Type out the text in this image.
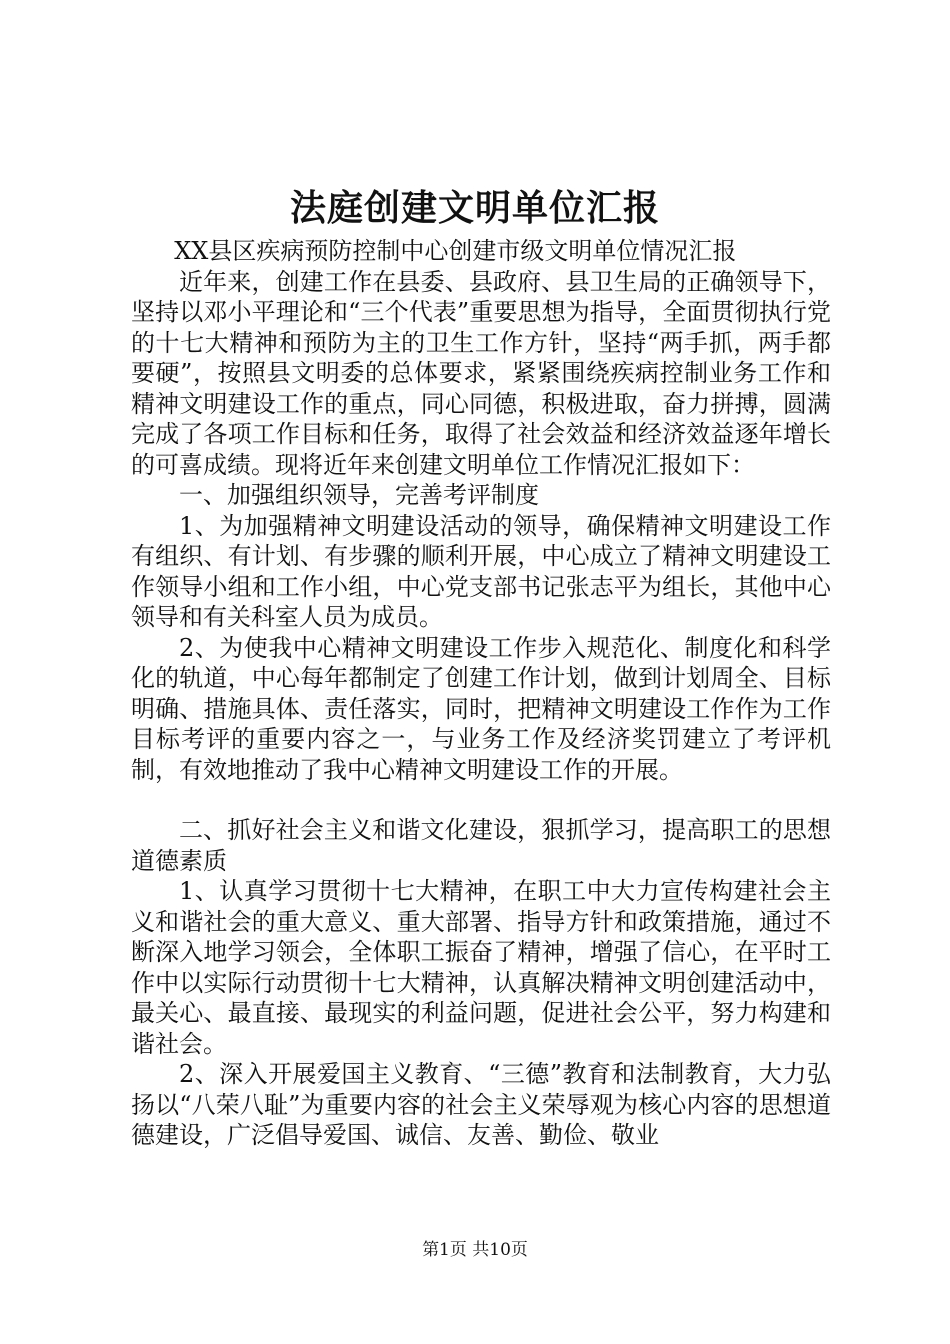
法庭创建文明单位汇报

XX县区疾病预防控制中心创建市级文明单位情况汇报

近年来，创建工作在县委、县政府、县卫生局的正确领导下，坚持以邓小平理论和“三个代表”重要思想为指导，全面贯彻执行党的十七大精神和预防为主的卫生工作方针，坚持“两手抓，两手都要硬”，按照县文明委的总体要求，紧紧围绕疾病控制业务工作和精神文明建设工作的重点，同心同德，积极进取，奋力拼搏，圆满完成了各项工作目标和任务，取得了社会效益和经济效益逐年增长的可喜成绩。现将近年来创建文明单位工作情况汇报如下：

一、加强组织领导，完善考评制度

1、为加强精神文明建设活动的领导，确保精神文明建设工作有组织、有计划、有步骤的顺利开展，中心成立了精神文明建设工作领导小组和工作小组，中心党支部书记张志平为组长，其他中心领导和有关科室人员为成员。

2、为使我中心精神文明建设工作步入规范化、制度化和科学化的轨道，中心每年都制定了创建工作计划，做到计划周全、目标明确、措施具体、责任落实，同时，把精神文明建设工作作为工作目标考评的重要内容之一，与业务工作及经济奖罚建立了考评机制，有效地推动了我中心精神文明建设工作的开展。

二、抓好社会主义和谐文化建设，狠抓学习，提高职工的思想道德素质

1、认真学习贯彻十七大精神，在职工中大力宣传构建社会主义和谐社会的重大意义、重大部署、指导方针和政策措施，通过不断深入地学习领会，全体职工振奋了精神，增强了信心，在平时工作中以实际行动贯彻十七大精神，认真解决精神文明创建活动中，最关心、最直接、最现实的利益问题，促进社会公平，努力构建和谐社会。

2、深入开展爱国主义教育、“三德”教育和法制教育，大力弘扬以“八荣八耻”为重要内容的社会主义荣辱观为核心内容的思想道德建设，广泛倡导爱国、诚信、友善、勤俭、敬业

第1页 共10页
